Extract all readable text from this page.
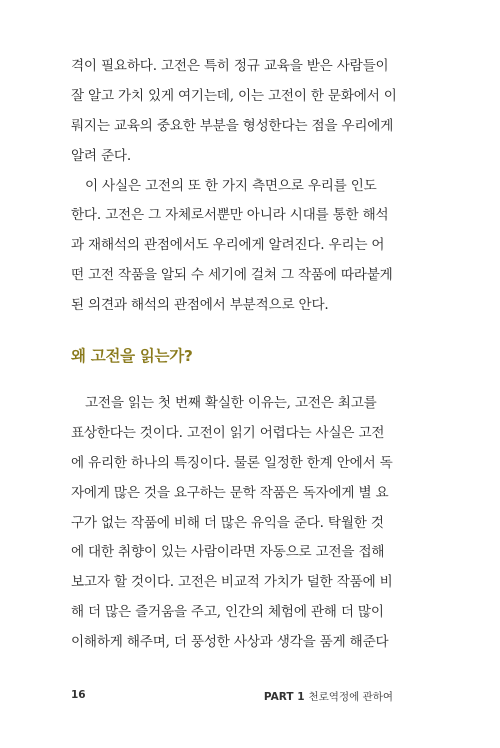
격이 필요하다. 고전은 특히 정규 교육을 받은 사람들이
잘 알고 가치 있게 여기는데, 이는 고전이 한 문화에서 이
뤄지는 교육의 중요한 부분을 형성한다는 점을 우리에게
알려 준다.
이 사실은 고전의 또 한 가지 측면으로 우리를 인도
한다. 고전은 그 자체로서뿐만 아니라 시대를 통한 해석
과 재해석의 관점에서도 우리에게 알려진다. 우리는 어
떤 고전 작품을 알되 수 세기에 걸쳐 그 작품에 따라붙게
된 의견과 해석의 관점에서 부분적으로 안다.
왜 고전을 읽는가?
고전을 읽는 첫 번째 확실한 이유는, 고전은 최고를
표상한다는 것이다. 고전이 읽기 어렵다는 사실은 고전
에 유리한 하나의 특징이다. 물론 일정한 한계 안에서 독
자에게 많은 것을 요구하는 문학 작품은 독자에게 별 요
구가 없는 작품에 비해 더 많은 유익을 준다. 탁월한 것
에 대한 취향이 있는 사람이라면 자동으로 고전을 접해
보고자 할 것이다. 고전은 비교적 가치가 덜한 작품에 비
해 더 많은 즐거움을 주고, 인간의 체험에 관해 더 많이
이해하게 해주며, 더 풍성한 사상과 생각을 품게 해준다
16	PART 1 천로역정에 관하여
